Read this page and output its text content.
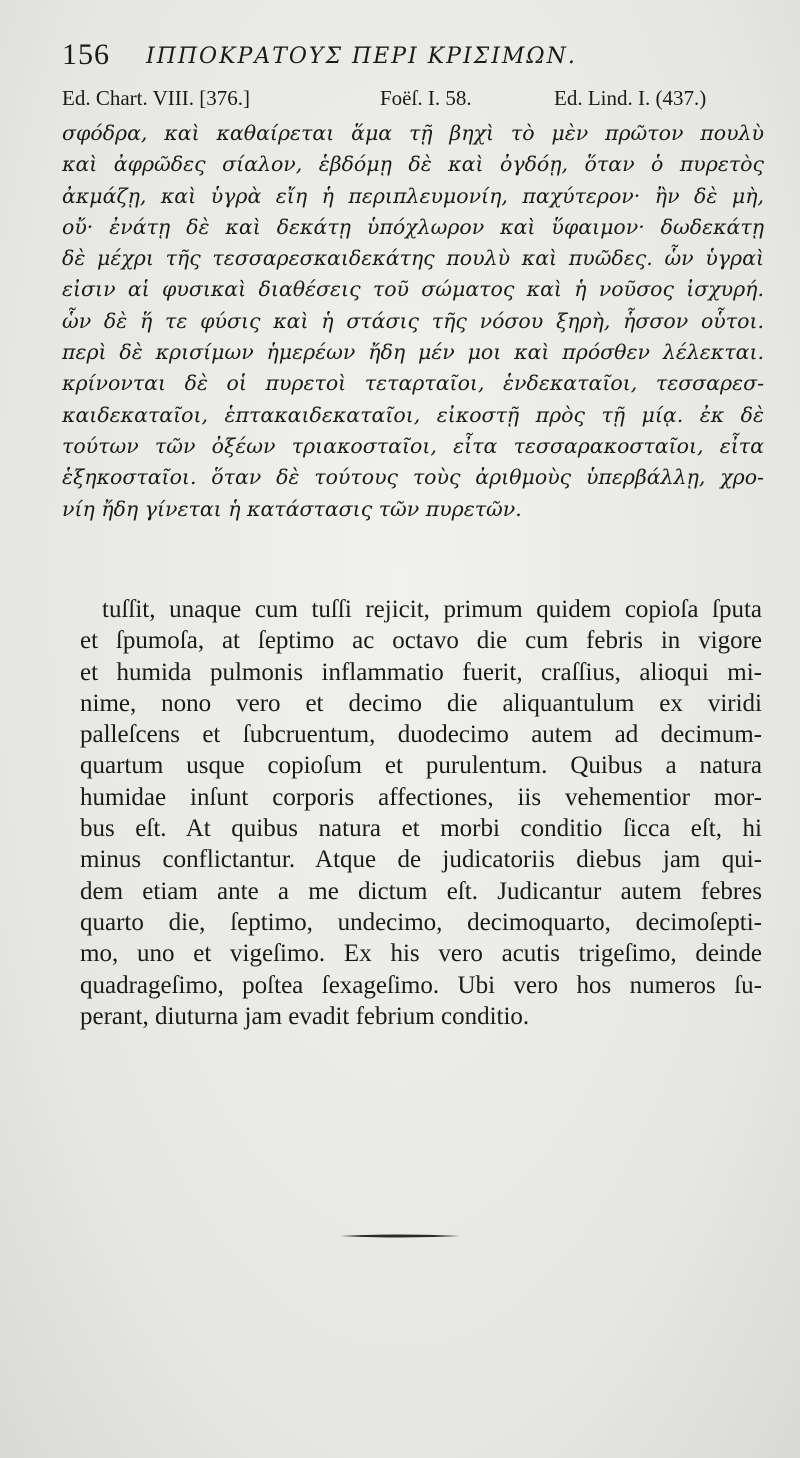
156 ΙΠΠΟΚΡΑΤΟΥΣ ΠΕΡΙ ΚΡΙΣΙΜΩΝ.
Ed. Chart. VIII. [376.]	Foëſ. I. 58.	Ed. Lind. I. (437.)
σφόδρα, καὶ καθαίρεται ἅμα τῇ βηχὶ τὸ μὲν πρῶτον πουλὺ
καὶ ἀφρῶδες σίαλον, ἑβδόμῃ δὲ καὶ ὀγδόῃ, ὅταν ὁ πυρετὸς
ἀκμάζῃ, καὶ ὑγρὰ εἴη ἡ περιπλευμονίη, παχύτερον· ἢν δὲ μὴ,
οὔ· ἐνάτῃ δὲ καὶ δεκάτῃ ὑπόχλωρον καὶ ὕφαιμον· δωδεκάτῃ
δὲ μέχρι τῆς τεσσαρεσκαιδεκάτης πουλὺ καὶ πυῶδες. ὧν ὑγραὶ
εἰσιν αἱ φυσικαὶ διαθέσεις τοῦ σώματος καὶ ἡ νοῦσος ἰσχυρή.
ὧν δὲ ἥ τε φύσις καὶ ἡ στάσις τῆς νόσου ξηρὴ, ἧσσον οὗτοι.
περὶ δὲ κρισίμων ἡμερέων ἤδη μέν μοι καὶ πρόσθεν λέλεκται.
κρίνονται δὲ οἱ πυρετοὶ τεταρταῖοι, ἑνδεκαταῖοι, τεσσαρεσ-
καιδεκαταῖοι, ἑπτακαιδεκαταῖοι, εἰκοστῇ πρὸς τῇ μίᾳ. ἐκ δὲ
τούτων τῶν ὀξέων τριακοσταῖοι, εἶτα τεσσαρακοσταῖοι, εἶτα
ἑξηκοσταῖοι. ὅταν δὲ τούτους τοὺς ἀριθμοὺς ὑπερβάλλῃ, χρο-
νίη ἤδη γίνεται ἡ κατάστασις τῶν πυρετῶν.
tuſſit, unaque cum tuſſi rejicit, primum quidem copioſa ſputa
et ſpumoſa, at ſeptimo ac octavo die cum febris in vigore
et humida pulmonis inflammatio fuerit, craſſius, alioqui mi-
nime, nono vero et decimo die aliquantulum ex viridi
palleſcens et ſubcruentum, duodecimo autem ad decimum-
quartum usque copioſum et purulentum. Quibus a natura
humidae inſunt corporis affectiones, iis vehementior mor-
bus eſt. At quibus natura et morbi conditio ſicca eſt, hi
minus conflictantur. Atque de judicatoriis diebus jam qui-
dem etiam ante a me dictum eſt. Judicantur autem febres
quarto die, ſeptimo, undecimo, decimoquarto, decimoſepti-
mo, uno et vigeſimo. Ex his vero acutis trigeſimo, deinde
quadrageſimo, poſtea ſexageſimo. Ubi vero hos numeros ſu-
perant, diuturna jam evadit febrium conditio.
